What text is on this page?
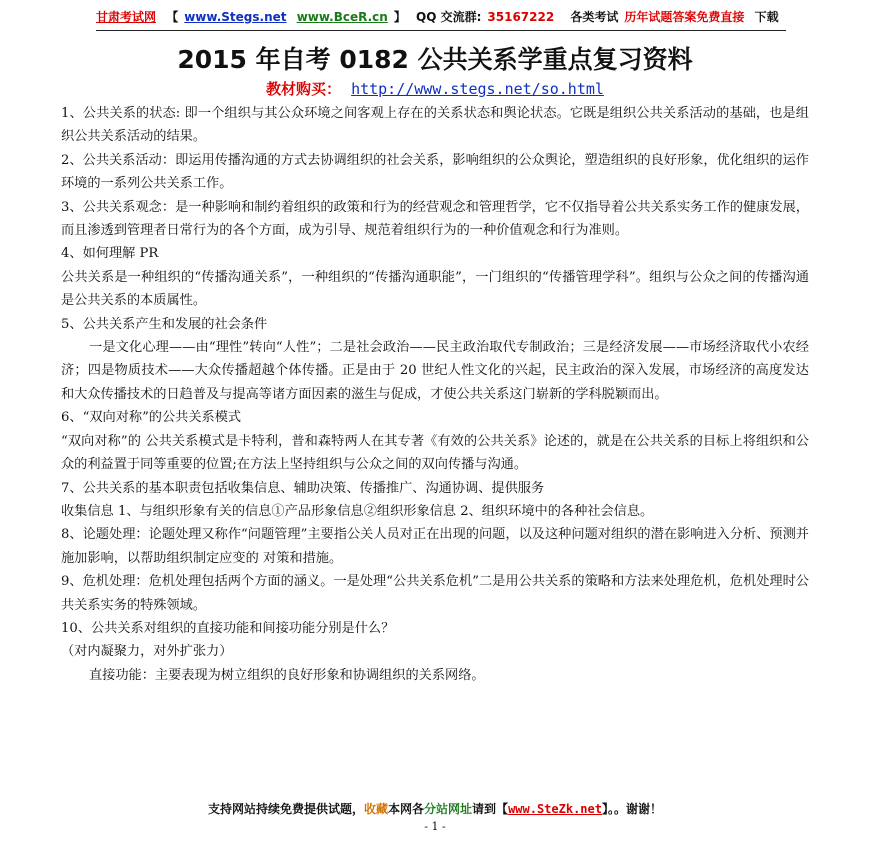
甘肃考试网 【 www.Stegs.net www.BceR.cn 】 QQ 交流群: 35167222 各类考试 历年试题答案免费直接 下载
2015 年自考 0182 公共关系学重点复习资料
教材购买： http://www.stegs.net/so.html

1、公共关系的状态: 即一个组织与其公众环境之间客观上存在的关系状态和舆论状态。它既是组织公共关系活动的基础，也是组织公共关系活动的结果。

2、公共关系活动：即运用传播沟通的方式去协调组织的社会关系，影响组织的公众舆论，塑造组织的良好形象，优化组织的运作环境的一系列公共关系工作。

3、公共关系观念：是一种影响和制约着组织的政策和行为的经营观念和管理哲学，它不仅指导着公共关系实务工作的健康发展，而且渗透到管理者日常行为的各个方面，成为引导、规范着组织行为的一种价值观念和行为准则。

4、如何理解 PR

公共关系是一种组织的“传播沟通关系”，一种组织的“传播沟通职能”，一门组织的“传播管理学科”。组织与公众之间的传播沟通是公共关系的本质属性。

5、公共关系产生和发展的社会条件

一是文化心理——由“理性”转向“人性”；二是社会政治——民主政治取代专制政治；三是经济发展——市场经济取代小农经济；四是物质技术——大众传播超越个体传播。正是由于 20 世纪人性文化的兴起，民主政治的深入发展，市场经济的高度发达和大众传播技术的日趋普及与提高等诸方面因素的滋生与促成，才使公共关系这门崭新的学科脱颖而出。

6、“双向对称”的公共关系模式

“双向对称”的 公共关系模式是卡特利，普和森特两人在其专著《有效的公共关系》论述的，就是在公共关系的目标上将组织和公众的利益置于同等重要的位置;在方法上坚持组织与公众之间的双向传播与沟通。

7、公共关系的基本职责包括收集信息、辅助决策、传播推广、沟通协调、提供服务

收集信息 1、与组织形象有关的信息①产品形象信息②组织形象信息 2、组织环境中的各种社会信息。

8、论题处理：论题处理又称作“问题管理”主要指公关人员对正在出现的问题，以及这种问题对组织的潜在影响进入分析、预测并施加影响，以帮助组织制定应变的 对策和措施。

9、危机处理：危机处理包括两个方面的涵义。一是处理“公共关系危机”二是用公共关系的策略和方法来处理危机，危机处理时公共关系实务的特殊领域。

10、公共关系对组织的直接功能和间接功能分别是什么？

（对内凝聚力，对外扩张力）

直接功能：主要表现为树立组织的良好形象和协调组织的关系网络。

支持网站持续免费提供试题，收藏本网各分站网址请到【www.SteZk.net】。。谢谢！
- 1 -
